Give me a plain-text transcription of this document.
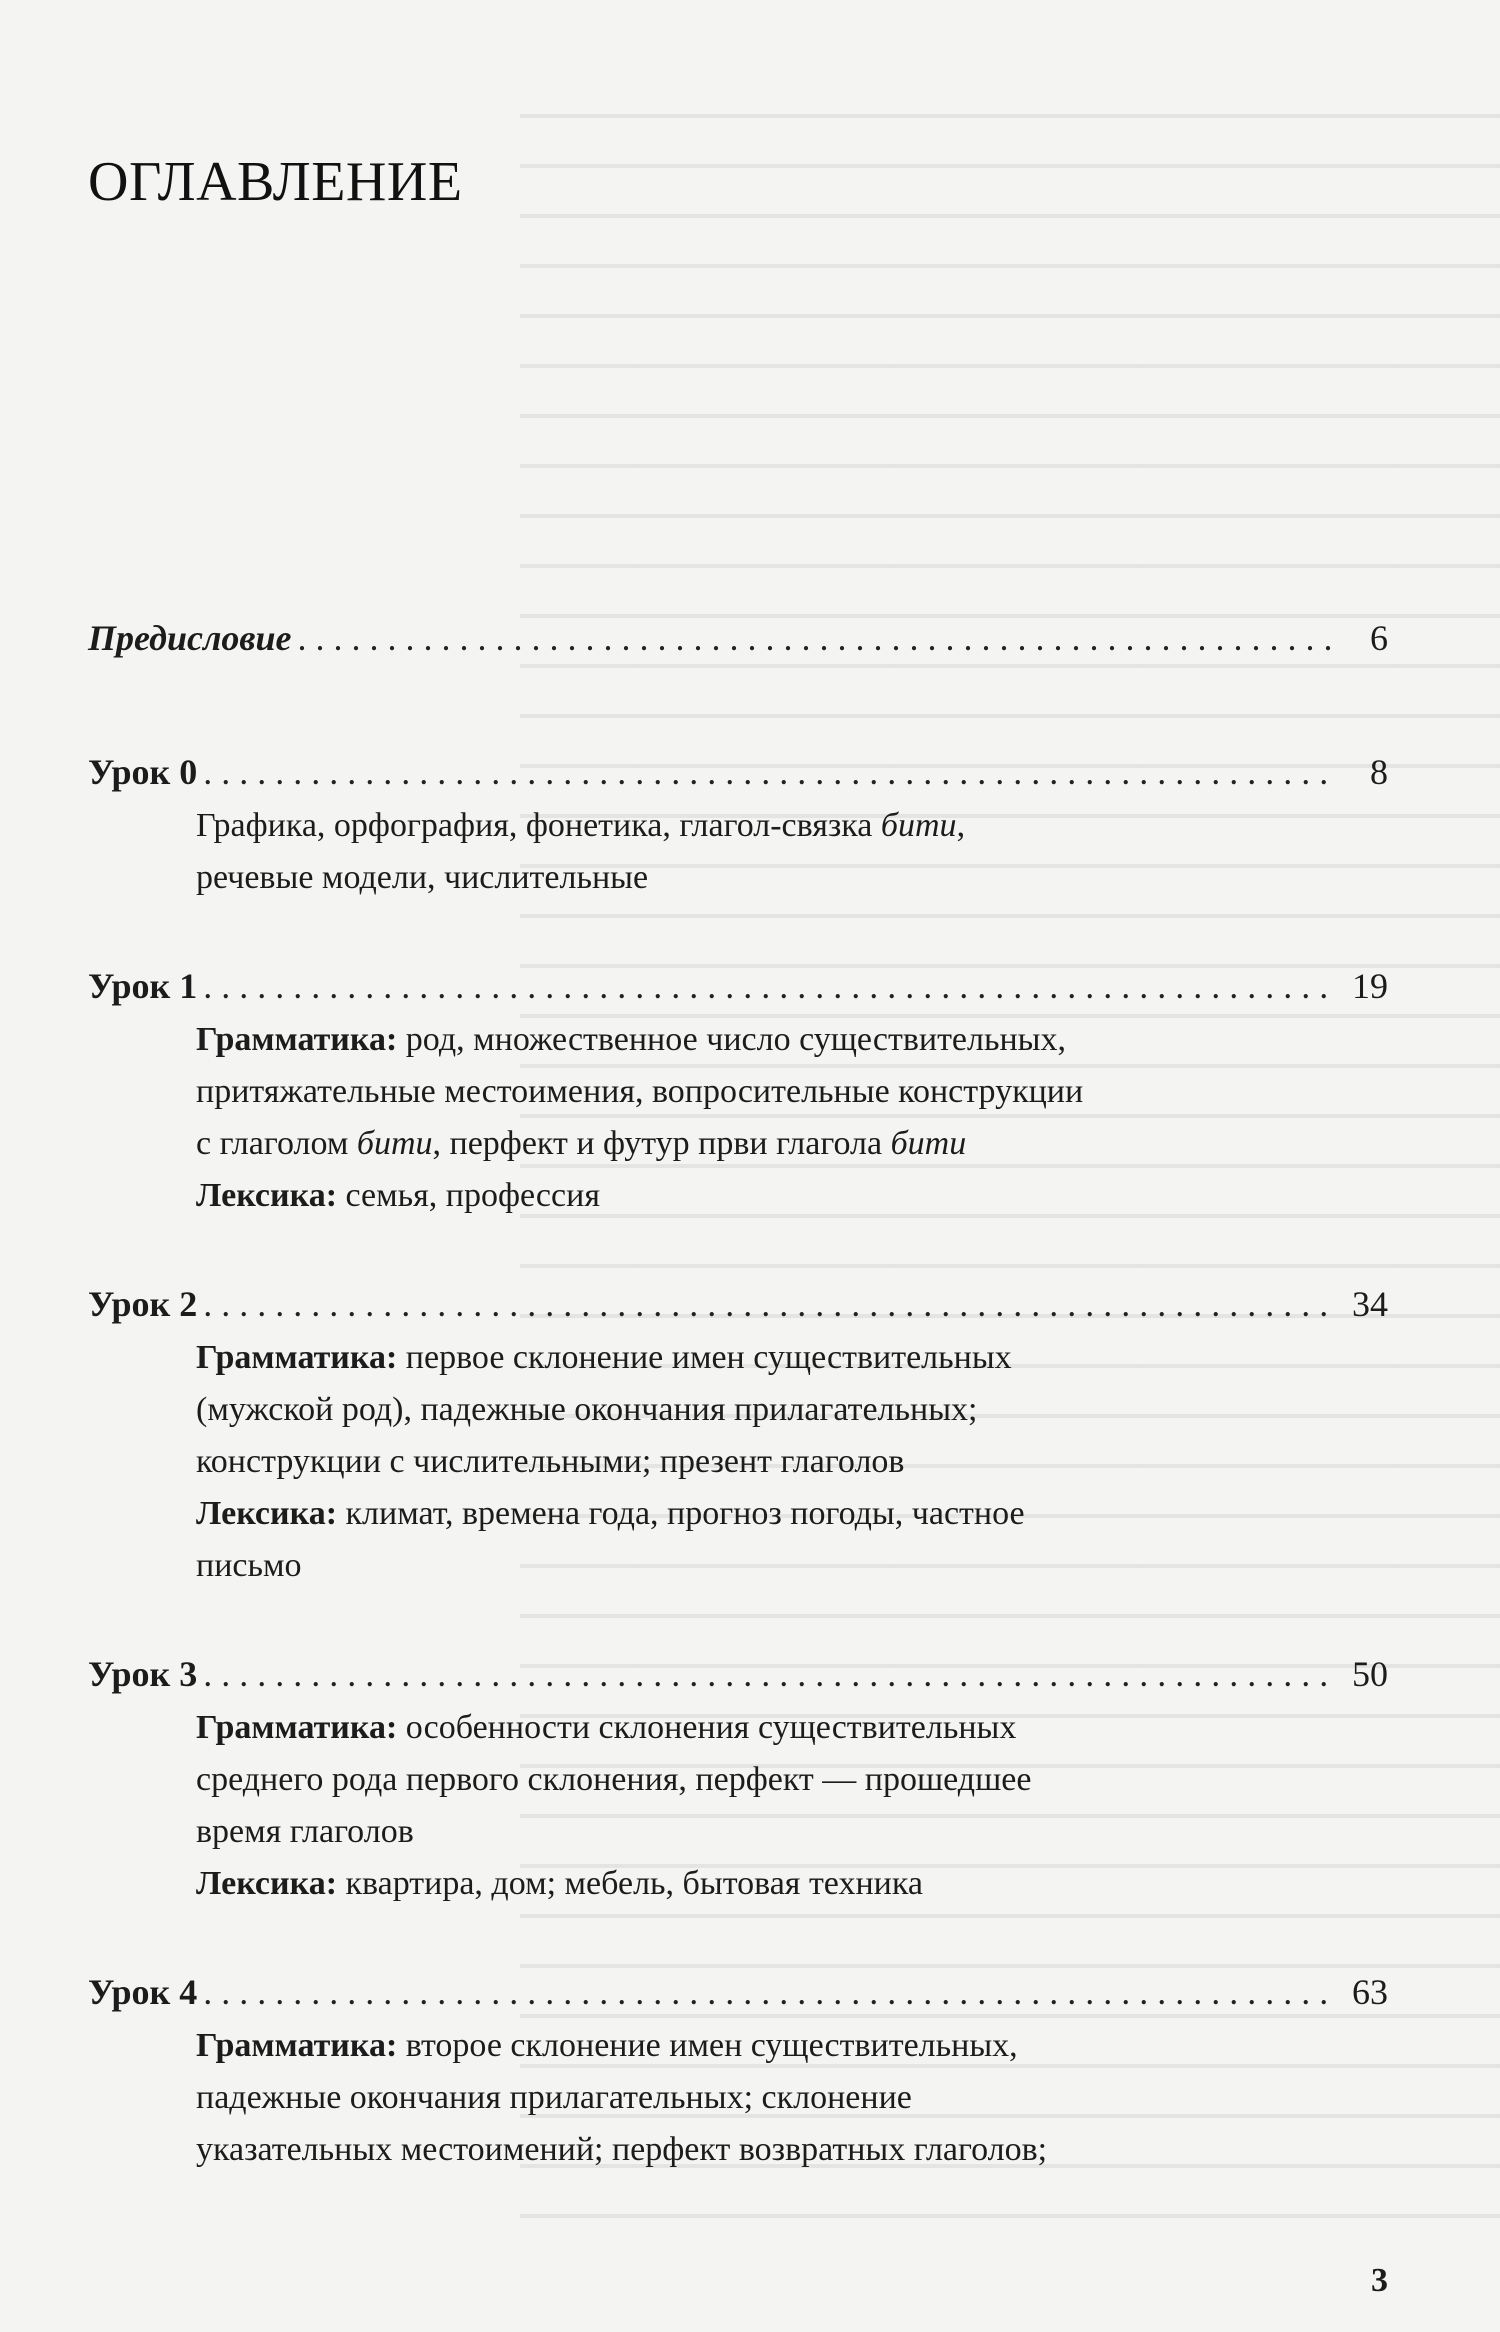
ОГЛАВЛЕНИЕ
Предисловие . . .	6
Урок 0 . . .	8
Графика, орфография, фонетика, глагол-связка бити,
речевые модели, числительные
Урок 1 . . .	19
Грамматика: род, множественное число существительных,
притяжательные местоимения, вопросительные конструкции
с глаголом бити, перфект и футур први глагола бити
Лексика: семья, профессия
Урок 2 . . .	34
Грамматика: первое склонение имен существительных
(мужской род), падежные окончания прилагательных;
конструкции с числительными; презент глаголов
Лексика: климат, времена года, прогноз погоды, частное
письмо
Урок 3 . . .	50
Грамматика: особенности склонения существительных
среднего рода первого склонения, перфект — прошедшее
время глаголов
Лексика: квартира, дом; мебель, бытовая техника
Урок 4 . . .	63
Грамматика: второе склонение имен существительных,
падежные окончания прилагательных; склонение
указательных местоимений; перфект возвратных глаголов;
3
